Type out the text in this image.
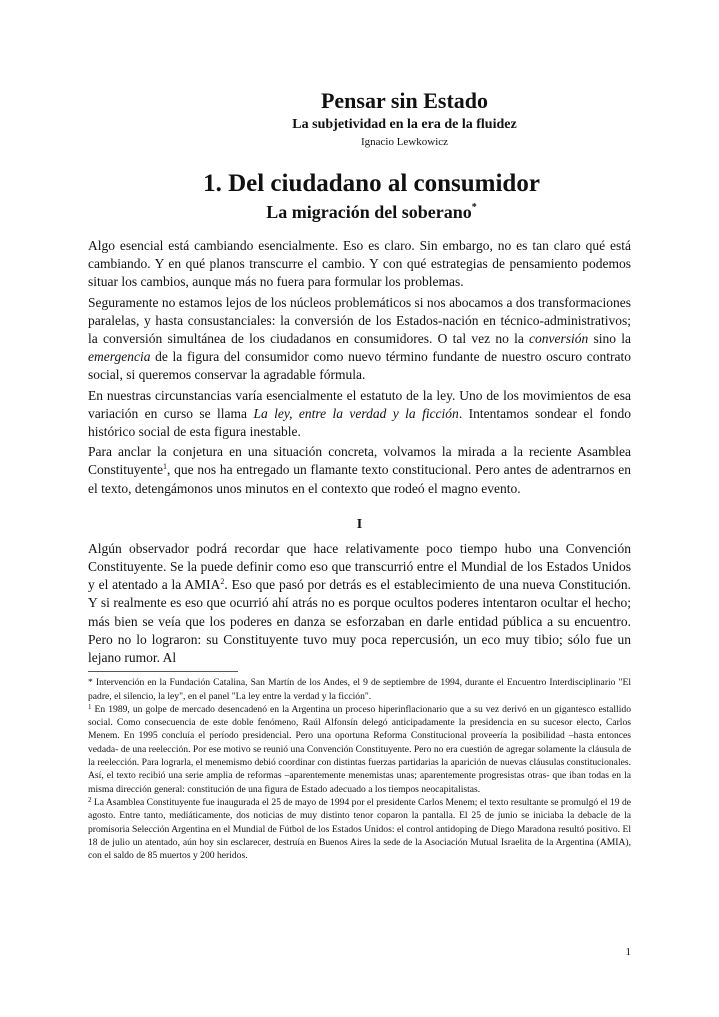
Pensar sin Estado
La subjetividad en la era de la fluidez
Ignacio Lewkowicz
1. Del ciudadano al consumidor
La migración del soberano*

Algo esencial está cambiando esencialmente. Eso es claro. Sin embargo, no es tan claro qué está cambiando. Y en qué planos transcurre el cambio. Y con qué estrategias de pensamiento podemos situar los cambios, aunque más no fuera para formular los problemas.

Seguramente no estamos lejos de los núcleos problemáticos si nos abocamos a dos transformaciones paralelas, y hasta consustanciales: la conversión de los Estados-nación en técnico-administrativos; la conversión simultánea de los ciudadanos en consumidores. O tal vez no la conversión sino la emergencia de la figura del consumidor como nuevo término fundante de nuestro oscuro contrato social, si queremos conservar la agradable fórmula.

En nuestras circunstancias varía esencialmente el estatuto de la ley. Uno de los movimientos de esa variación en curso se llama La ley, entre la verdad y la ficción. Intentamos sondear el fondo histórico social de esta figura inestable.

Para anclar la conjetura en una situación concreta, volvamos la mirada a la reciente Asamblea Constituyente$^1$, que nos ha entregado un flamante texto constitucional. Pero antes de adentrarnos en el texto, detengámonos unos minutos en el contexto que rodeó el magno evento.

I

Algún observador podrá recordar que hace relativamente poco tiempo hubo una Convención Constituyente. Se la puede definir como eso que transcurrió entre el Mundial de los Estados Unidos y el atentado a la AMIA$^2$. Eso que pasó por detrás es el establecimiento de una nueva Constitución. Y si realmente es eso que ocurrió ahí atrás no es porque ocultos poderes intentaron ocultar el hecho; más bien se veía que los poderes en danza se esforzaban en darle entidad pública a su encuentro. Pero no lo lograron: su Constituyente tuvo muy poca repercusión, un eco muy tibio; sólo fue un lejano rumor. Al

* Intervención en la Fundación Catalina, San Martín de los Andes, el 9 de septiembre de 1994, durante el Encuentro Interdisciplinario "El padre, el silencio, la ley", en el panel "La ley entre la verdad y la ficción".

$^1$ En 1989, un golpe de mercado desencadenó en la Argentina un proceso hiperinflacionario que a su vez derivó en un gigantesco estallido social. Como consecuencia de este doble fenómeno, Raúl Alfonsín delegó anticipadamente la presidencia en su sucesor electo, Carlos Menem. En 1995 concluía el período presidencial. Pero una oportuna Reforma Constitucional proveería la posibilidad –hasta entonces vedada- de una reelección. Por ese motivo se reunió una Convención Constituyente. Pero no era cuestión de agregar solamente la cláusula de la reelección. Para lograrla, el menemismo debió coordinar con distintas fuerzas partidarias la aparición de nuevas cláusulas constitucionales. Así, el texto recibió una serie amplia de reformas –aparentemente menemistas unas; aparentemente progresistas otras- que iban todas en la misma dirección general: constitución de una figura de Estado adecuado a los tiempos neocapitalistas.

$^2$ La Asamblea Constituyente fue inaugurada el 25 de mayo de 1994 por el presidente Carlos Menem; el texto resultante se promulgó el 19 de agosto. Entre tanto, mediáticamente, dos noticias de muy distinto tenor coparon la pantalla. El 25 de junio se iniciaba la debacle de la promisoria Selección Argentina en el Mundial de Fútbol de los Estados Unidos: el control antidoping de Diego Maradona resultó positivo. El 18 de julio un atentado, aún hoy sin esclarecer, destruía en Buenos Aires la sede de la Asociación Mutual Israelita de la Argentina (AMIA), con el saldo de 85 muertos y 200 heridos.

1
